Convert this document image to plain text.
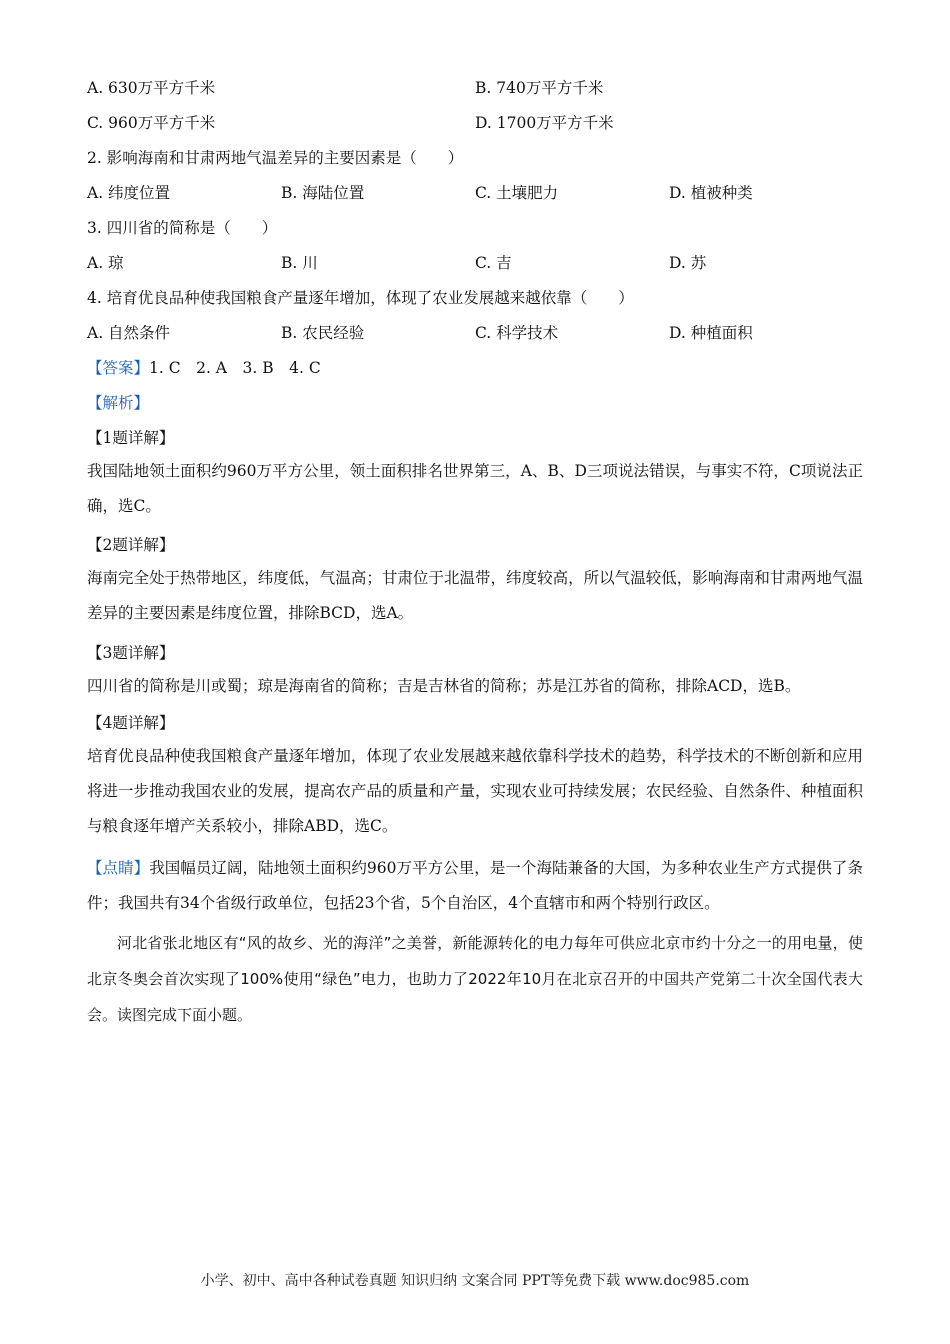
A. 630万平方千米	B. 740万平方千米
C. 960万平方千米	D. 1700万平方千米
2. 影响海南和甘肃两地气温差异的主要因素是（　　）
A. 纬度位置	B. 海陆位置	C. 土壤肥力	D. 植被种类
3. 四川省的简称是（　　）
A. 琼	B. 川	C. 吉	D. 苏
4. 培育优良品种使我国粮食产量逐年增加，体现了农业发展越来越依靠（　　）
A. 自然条件	B. 农民经验	C. 科学技术	D. 种植面积
【答案】1. C　2. A　3. B　4. C
【解析】
【1题详解】
我国陆地领土面积约960万平方公里，领土面积排名世界第三，A、B、D三项说法错误，与事实不符，C项说法正确，选C。
【2题详解】
海南完全处于热带地区，纬度低，气温高；甘肃位于北温带，纬度较高，所以气温较低，影响海南和甘肃两地气温差异的主要因素是纬度位置，排除BCD，选A。
【3题详解】
四川省的简称是川或蜀；琼是海南省的简称；吉是吉林省的简称；苏是江苏省的简称，排除ACD，选B。
【4题详解】
培育优良品种使我国粮食产量逐年增加，体现了农业发展越来越依靠科学技术的趋势，科学技术的不断创新和应用将进一步推动我国农业的发展，提高农产品的质量和产量，实现农业可持续发展；农民经验、自然条件、种植面积与粮食逐年增产关系较小，排除ABD，选C。
【点睛】我国幅员辽阔，陆地领土面积约960万平方公里，是一个海陆兼备的大国，为多种农业生产方式提供了条件；我国共有34个省级行政单位，包括23个省，5个自治区，4个直辖市和两个特别行政区。
河北省张北地区有“风的故乡、光的海洋”之美誉，新能源转化的电力每年可供应北京市约十分之一的用电量，使北京冬奥会首次实现了100%使用“绿色”电力，也助力了2022年10月在北京召开的中国共产党第二十次全国代表大会。读图完成下面小题。
小学、初中、高中各种试卷真题 知识归纳 文案合同 PPT等免费下载 www.doc985.com
